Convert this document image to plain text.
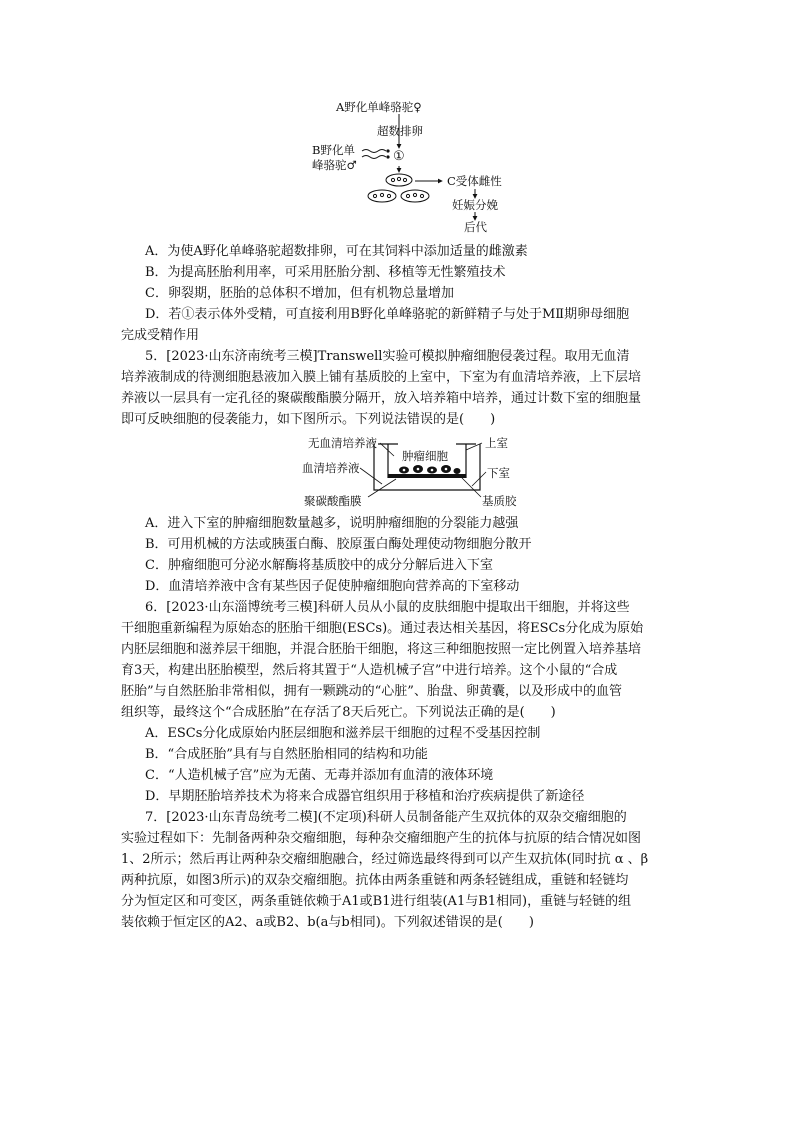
A野化单峰骆驼♀
超数排卵
B野化单
峰骆驼♂
①
C受体雌性
妊娠分娩
后代
A．为使A野化单峰骆驼超数排卵，可在其饲料中添加适量的雌激素
B．为提高胚胎利用率，可采用胚胎分割、移植等无性繁殖技术
C．卵裂期，胚胎的总体积不增加，但有机物总量增加
D．若①表示体外受精，可直接利用B野化单峰骆驼的新鲜精子与处于MⅡ期卵母细胞
完成受精作用
5．[2023·山东济南统考三模]Transwell实验可模拟肿瘤细胞侵袭过程。取用无血清
培养液制成的待测细胞悬液加入膜上铺有基质胶的上室中，下室为有血清培养液，上下层培
养液以一层具有一定孔径的聚碳酸酯膜分隔开，放入培养箱中培养，通过计数下室的细胞量
即可反映细胞的侵袭能力，如下图所示。下列说法错误的是(　　)
无血清培养液
肿瘤细胞
上室
血清培养液	下室
聚碳酸酯膜	基质胶
A．进入下室的肿瘤细胞数量越多，说明肿瘤细胞的分裂能力越强
B．可用机械的方法或胰蛋白酶、胶原蛋白酶处理使动物细胞分散开
C．肿瘤细胞可分泌水解酶将基质胶中的成分分解后进入下室
D．血清培养液中含有某些因子促使肿瘤细胞向营养高的下室移动
6．[2023·山东淄博统考三模]科研人员从小鼠的皮肤细胞中提取出干细胞，并将这些
干细胞重新编程为原始态的胚胎干细胞(ESCs)。通过表达相关基因，将ESCs分化成为原始
内胚层细胞和滋养层干细胞，并混合胚胎干细胞，将这三种细胞按照一定比例置入培养基培
育3天，构建出胚胎模型，然后将其置于“人造机械子宫”中进行培养。这个小鼠的“合成
胚胎”与自然胚胎非常相似，拥有一颗跳动的“心脏”、胎盘、卵黄囊，以及形成中的血管
组织等，最终这个“合成胚胎”在存活了8天后死亡。下列说法正确的是(　　)
A．ESCs分化成原始内胚层细胞和滋养层干细胞的过程不受基因控制
B．“合成胚胎”具有与自然胚胎相同的结构和功能
C．“人造机械子宫”应为无菌、无毒并添加有血清的液体环境
D．早期胚胎培养技术为将来合成器官组织用于移植和治疗疾病提供了新途径
7．[2023·山东青岛统考二模](不定项)科研人员制备能产生双抗体的双杂交瘤细胞的
实验过程如下：先制备两种杂交瘤细胞，每种杂交瘤细胞产生的抗体与抗原的结合情况如图
1、2所示；然后再让两种杂交瘤细胞融合，经过筛选最终得到可以产生双抗体(同时抗 α 、β
两种抗原，如图3所示)的双杂交瘤细胞。抗体由两条重链和两条轻链组成，重链和轻链均
分为恒定区和可变区，两条重链依赖于A1或B1进行组装(A1与B1相同)，重链与轻链的组
装依赖于恒定区的A2、a或B2、b(a与b相同)。下列叙述错误的是(　　)
